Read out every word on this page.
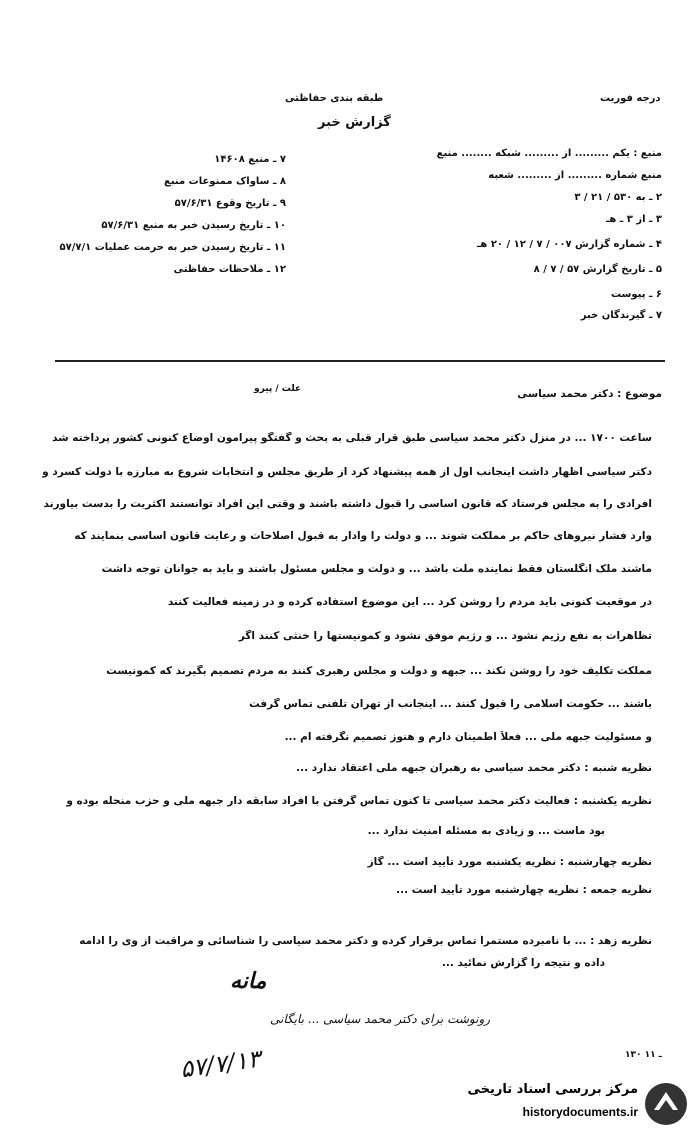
طبقه بندی حفاظتی
گزارش خبر
درجه فوریت
منبع : یکم ......... از ......... شبکه ........ منبع
منبع شماره ......... از ......... شعبه
۲ ـ به ۵۳۰ / ۲۱ / ۳
۳ ـ از ۳ ـ هـ
۴ ـ شماره گزارش ۰۰۷ / ۷ / ۱۲ / ۲۰ هـ
۵ ـ تاریخ گزارش ۵۷ / ۷ / ۸
۶ ـ پیوست
۷ ـ گیرندگان خبر
۷ ـ منبع ۱۴۶۰۸
۸ ـ ساواک ممنوعات منبع
۹ ـ تاریخ وقوع ۵۷/۶/۳۱
۱۰ ـ تاریخ رسیدن خبر به منبع ۵۷/۶/۳۱
۱۱ ـ تاریخ رسیدن خبر به حرمت عملیات ۵۷/۷/۱
۱۲ ـ ملاحظات حفاظتی
موضوع : دکتر محمد سیاسی
علت / پیرو
ساعت ۱۷۰۰ ... در منزل دکتر محمد سیاسی طبق قرار قبلی به بحث و گفتگو پیرامون اوضاع کنونی کشور پرداخته شد
دکتر سیاسی اظهار داشت اینجانب اول از همه پیشنهاد کرد از طریق مجلس و انتخابات شروع به مبارزه با دولت کسرد و
افرادی را به مجلس فرستاد که قانون اساسی را قبول داشته باشند و وقتی این افراد توانستند اکثریت را بدست بیاورند
وارد فشار نیروهای حاکم بر مملکت شوند ... و دولت را وادار به قبول اصلاحات و رعایت قانون اساسی بنمایند که
ماشند ملک انگلستان فقط نماینده ملت باشد ... و دولت و مجلس مسئول باشند و باید به جوانان توجه داشت
در موقعیت کنونی باید مردم را روشن کرد ... این موضوع استفاده کرده و در زمینه فعالیت کنند
تظاهرات به نفع رژیم نشود ... و رژیم موفق نشود و کمونیستها را خنثی کنند اگر
مملکت تکلیف خود را روشن نکند ... جبهه و دولت و مجلس رهبری کنند به مردم تصمیم بگیرند که کمونیست
باشند ... حکومت اسلامی را قبول کنند ... اینجانب از تهران تلفنی تماس گرفت
و مسئولیت جبهه ملی ... فعلاً اطمینان دارم و هنوز تصمیم نگرفته ام ...
نظریه شنبه : دکتر محمد سیاسی به رهبران جبهه ملی اعتقاد ندارد ...
نظریه یکشنبه : فعالیت دکتر محمد سیاسی تا کنون تماس گرفتن با افراد سابقه دار جبهه ملی و حزب منحله بوده و
بود ماست ... و زیادی به مسئله امنیت ندارد ...
نظریه چهارشنبه : نظریه یکشنبه مورد تأیید است ... گاز
نظریه جمعه : نظریه چهارشنبه مورد تأیید است ...
نظریه زهد : ... با نامبرده مستمراً تماس برقرار کرده و دکتر محمد سیاسی را شناسائی و مراقبت از وی را ادامه
داده و نتیجه را گزارش نمائید ...
مانه
رونوشت برای دکتر محمد سیاسی ... بایگانی
۵۷/۷/۱۳	۱۳۰ ـ ۱۱
مرکز بررسی اسناد تاریخی
historydocuments.ir
